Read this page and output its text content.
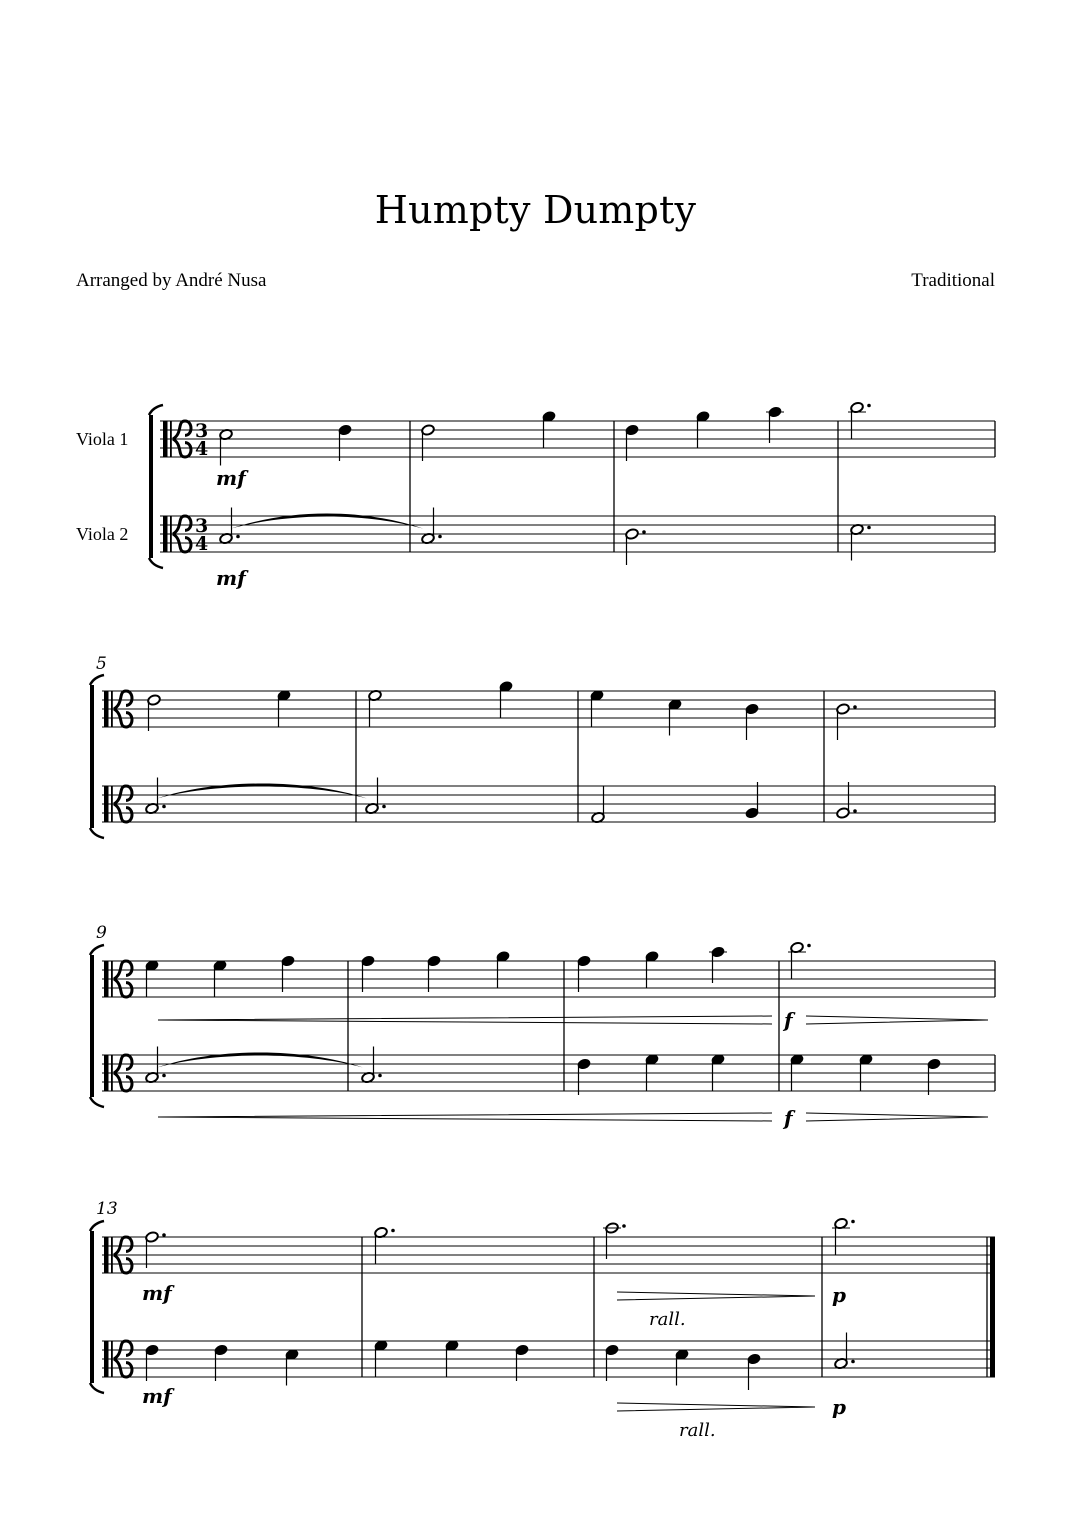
Humpty Dumpty
Arranged by André Nusa	Traditional
Viola 1
Viola 2
5
9
13
3
4
3
4
mf
mf
f
f
mf
mf
p
p
rall.
rall.
